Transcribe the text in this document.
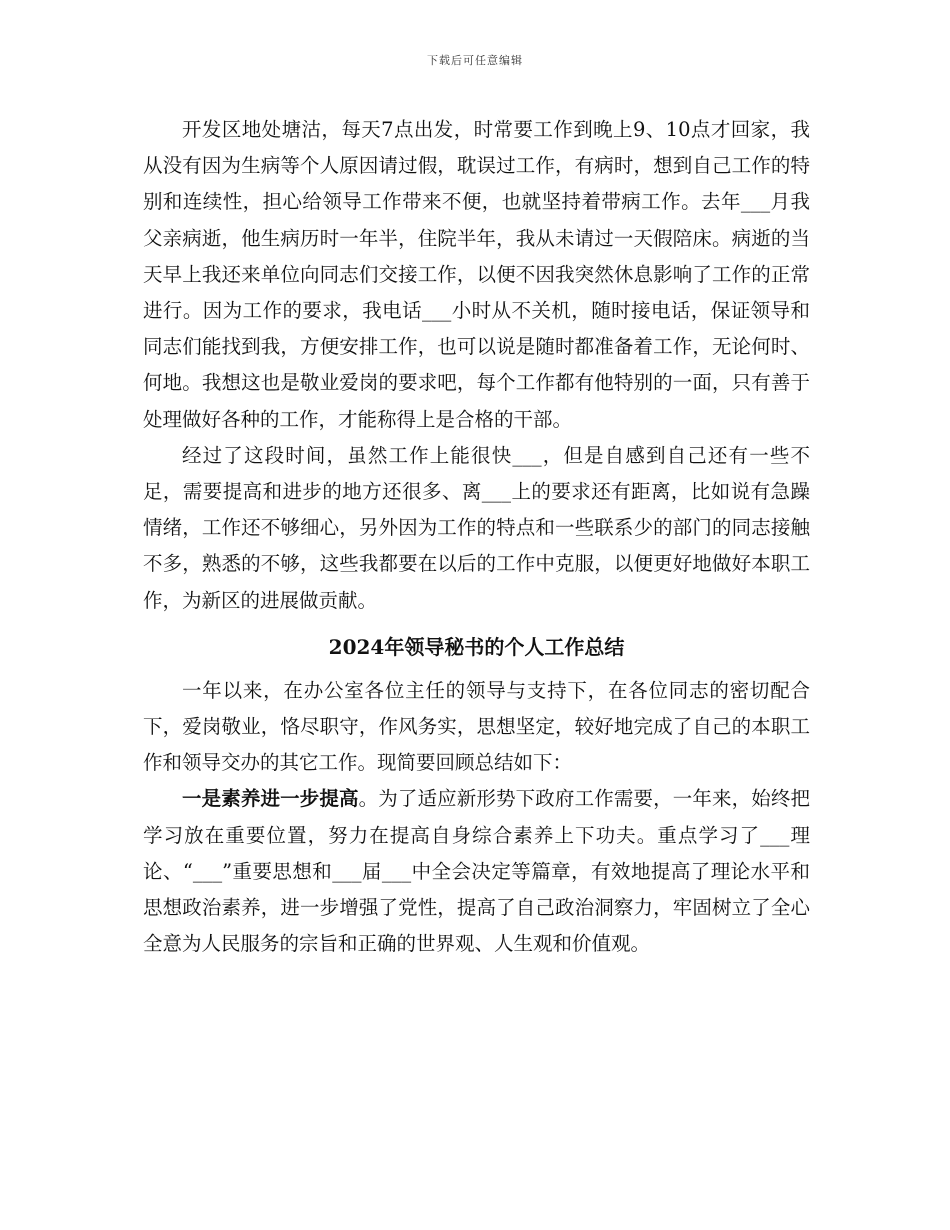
下载后可任意编辑

开发区地处塘沽，每天7点出发，时常要工作到晚上9、10点才回家，我从没有因为生病等个人原因请过假，耽误过工作，有病时，想到自己工作的特别和连续性，担心给领导工作带来不便，也就坚持着带病工作。去年___月我父亲病逝，他生病历时一年半，住院半年，我从未请过一天假陪床。病逝的当天早上我还来单位向同志们交接工作，以便不因我突然休息影响了工作的正常进行。因为工作的要求，我电话___小时从不关机，随时接电话，保证领导和同志们能找到我，方便安排工作，也可以说是随时都准备着工作，无论何时、何地。我想这也是敬业爱岗的要求吧，每个工作都有他特别的一面，只有善于处理做好各种的工作，才能称得上是合格的干部。

经过了这段时间，虽然工作上能很快___，但是自感到自己还有一些不足，需要提高和进步的地方还很多、离___上的要求还有距离，比如说有急躁情绪，工作还不够细心，另外因为工作的特点和一些联系少的部门的同志接触不多，熟悉的不够，这些我都要在以后的工作中克服，以便更好地做好本职工作，为新区的进展做贡献。

2024年领导秘书的个人工作总结

一年以来，在办公室各位主任的领导与支持下，在各位同志的密切配合下，爱岗敬业，恪尽职守，作风务实，思想坚定，较好地完成了自己的本职工作和领导交办的其它工作。现简要回顾总结如下：

一是素养进一步提高。为了适应新形势下政府工作需要，一年来，始终把学习放在重要位置，努力在提高自身综合素养上下功夫。重点学习了___理论、“___”重要思想和___届___中全会决定等篇章，有效地提高了理论水平和思想政治素养，进一步增强了党性，提高了自己政治洞察力，牢固树立了全心全意为人民服务的宗旨和正确的世界观、人生观和价值观。
